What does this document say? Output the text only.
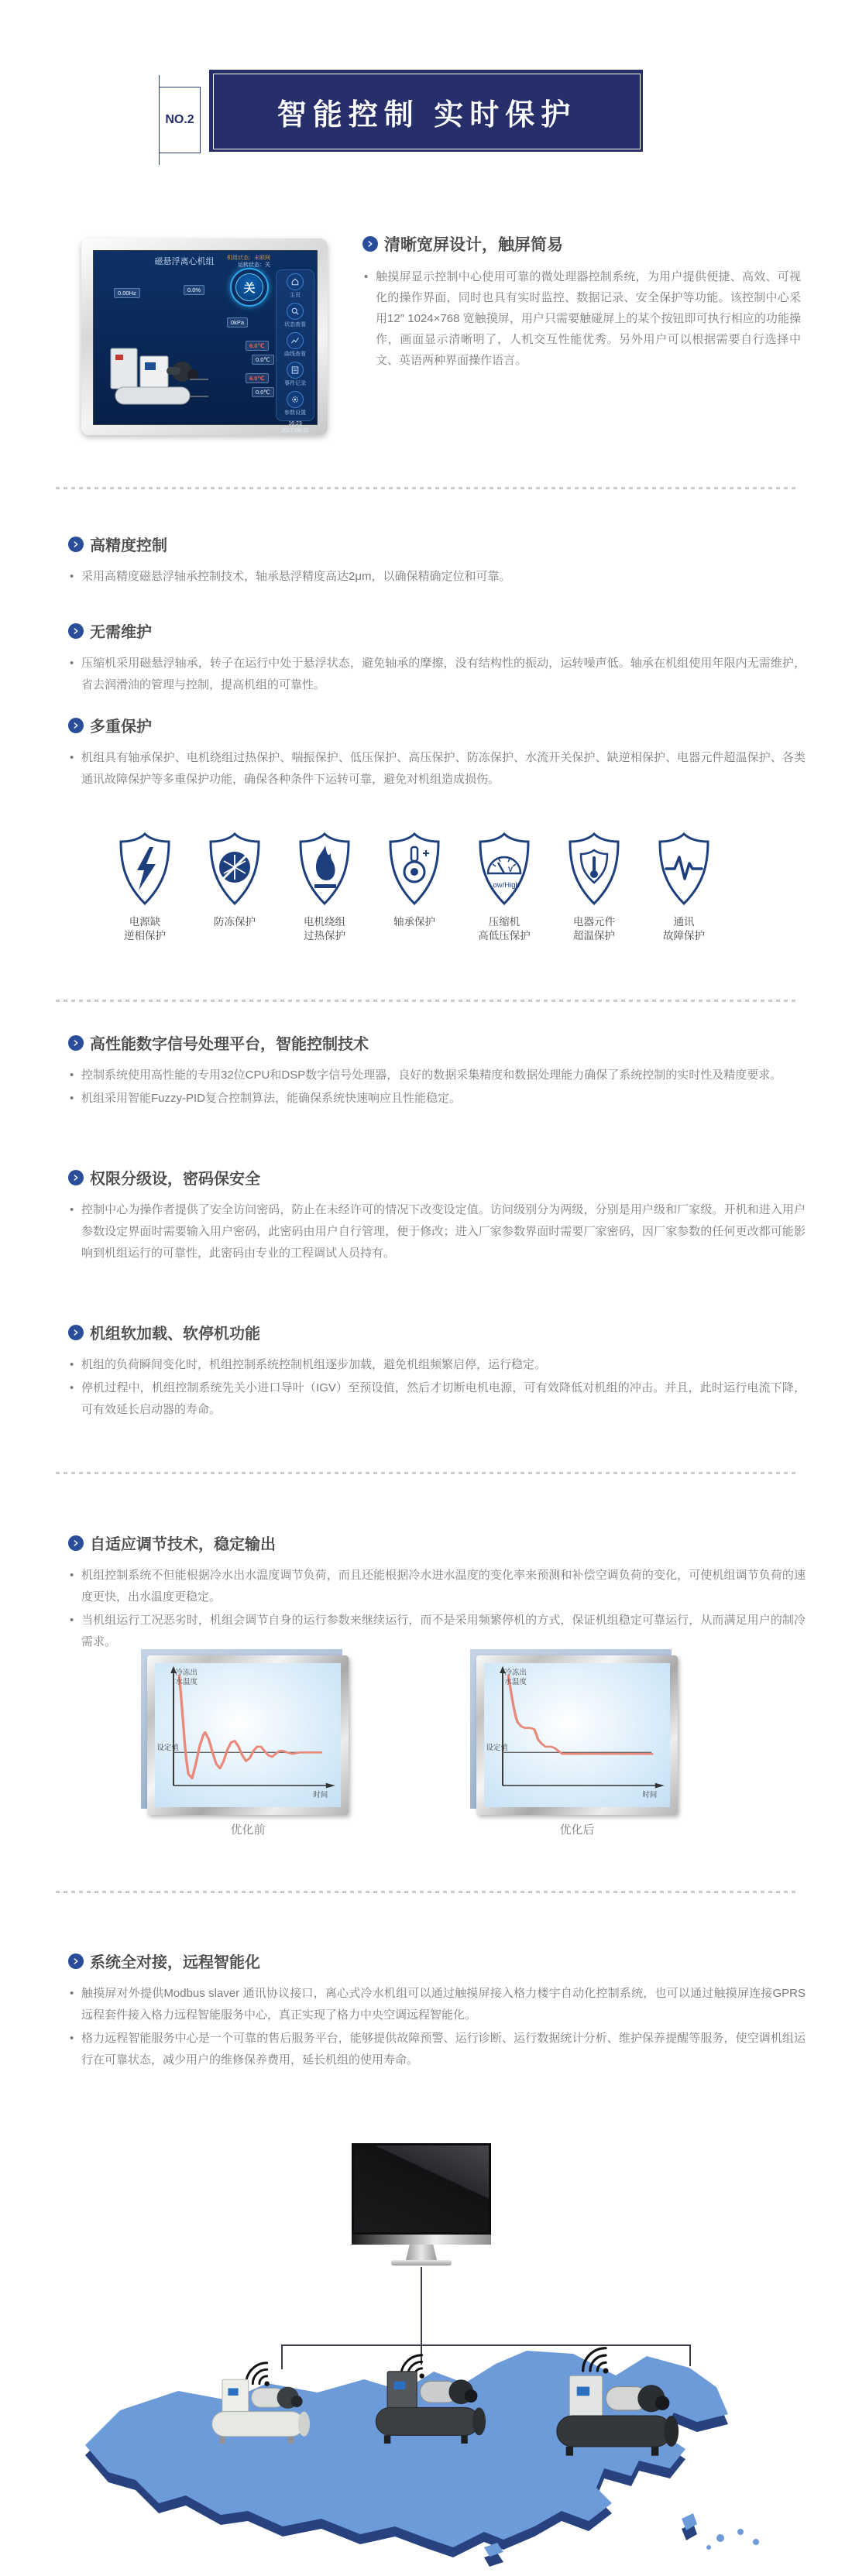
NO.2	智能控制 实时保护
磁悬浮离心机组	机组状态：未联网
运转状态：关
关
主页
状态查看
曲线查看
事件记录
参数设置
16:23
2017-09-21
0.00Hz	0.0%
0kPa
6.0℃
0.0℃
6.0℃
0.0℃
清晰宽屏设计，触屏简易

• 触摸屏显示控制中心使用可靠的微处理器控制系统，为用户提供便捷、高效、可视化的操作界面，同时也具有实时监控、数据记录、安全保护等功能。该控制中心采用12″ 1024×768 宽触摸屏，用户只需要触碰屏上的某个按钮即可执行相应的功能操作，画面显示清晰明了，人机交互性能优秀。另外用户可以根据需要自行选择中文、英语两种界面操作语言。

高精度控制

• 采用高精度磁悬浮轴承控制技术，轴承悬浮精度高达2μm，以确保精确定位和可靠。

无需维护

• 压缩机采用磁悬浮轴承，转子在运行中处于悬浮状态，避免轴承的摩擦，没有结构性的振动，运转噪声低。轴承在机组使用年限内无需维护，省去润滑油的管理与控制，提高机组的可靠性。

多重保护

• 机组具有轴承保护、电机绕组过热保护、喘振保护、低压保护、高压保护、防冻保护、水流开关保护、缺逆相保护、电器元件超温保护、各类通讯故障保护等多重保护功能，确保各种条件下运转可靠，避免对机组造成损伤。

电源缺
逆相保护
防冻保护	电机绕组
过热保护
轴承保护
V
Low/High
压缩机
高低压保护
电器元件
超温保护
通讯
故障保护
高性能数字信号处理平台，智能控制技术

• 控制系统使用高性能的专用32位CPU和DSP数字信号处理器，良好的数据采集精度和数据处理能力确保了系统控制的实时性及精度要求。

• 机组采用智能Fuzzy-PID复合控制算法，能确保系统快速响应且性能稳定。

权限分级设，密码保安全

• 控制中心为操作者提供了安全访问密码，防止在未经许可的情况下改变设定值。访问级别分为两级，分别是用户级和厂家级。开机和进入用户参数设定界面时需要输入用户密码，此密码由用户自行管理，便于修改；进入厂家参数界面时需要厂家密码，因厂家参数的任何更改都可能影响到机组运行的可靠性，此密码由专业的工程调试人员持有。

机组软加载、软停机功能

• 机组的负荷瞬间变化时，机组控制系统控制机组逐步加载，避免机组频繁启停，运行稳定。

• 停机过程中，机组控制系统先关小进口导叶（IGV）至预设值，然后才切断电机电源，可有效降低对机组的冲击。并且，此时运行电流下降，可有效延长启动器的寿命。

自适应调节技术，稳定输出

• 机组控制系统不但能根据冷水出水温度调节负荷，而且还能根据冷水进水温度的变化率来预测和补偿空调负荷的变化，可使机组调节负荷的速度更快，出水温度更稳定。

• 当机组运行工况恶劣时，机组会调节自身的运行参数来继续运行，而不是采用频繁停机的方式，保证机组稳定可靠运行，从而满足用户的制冷需求。

冷冻出
水温度
设定值
时间
冷冻出
水温度
设定值
时间
优化前	优化后
系统全对接，远程智能化

• 触摸屏对外提供Modbus slaver 通讯协议接口，离心式冷水机组可以通过触摸屏接入格力楼宇自动化控制系统，也可以通过触摸屏连接GPRS 远程套件接入格力远程智能服务中心，真正实现了格力中央空调远程智能化。

• 格力远程智能服务中心是一个可靠的售后服务平台，能够提供故障预警、运行诊断、运行数据统计分析、维护保养提醒等服务，使空调机组运行在可靠状态，减少用户的维修保养费用，延长机组的使用寿命。
